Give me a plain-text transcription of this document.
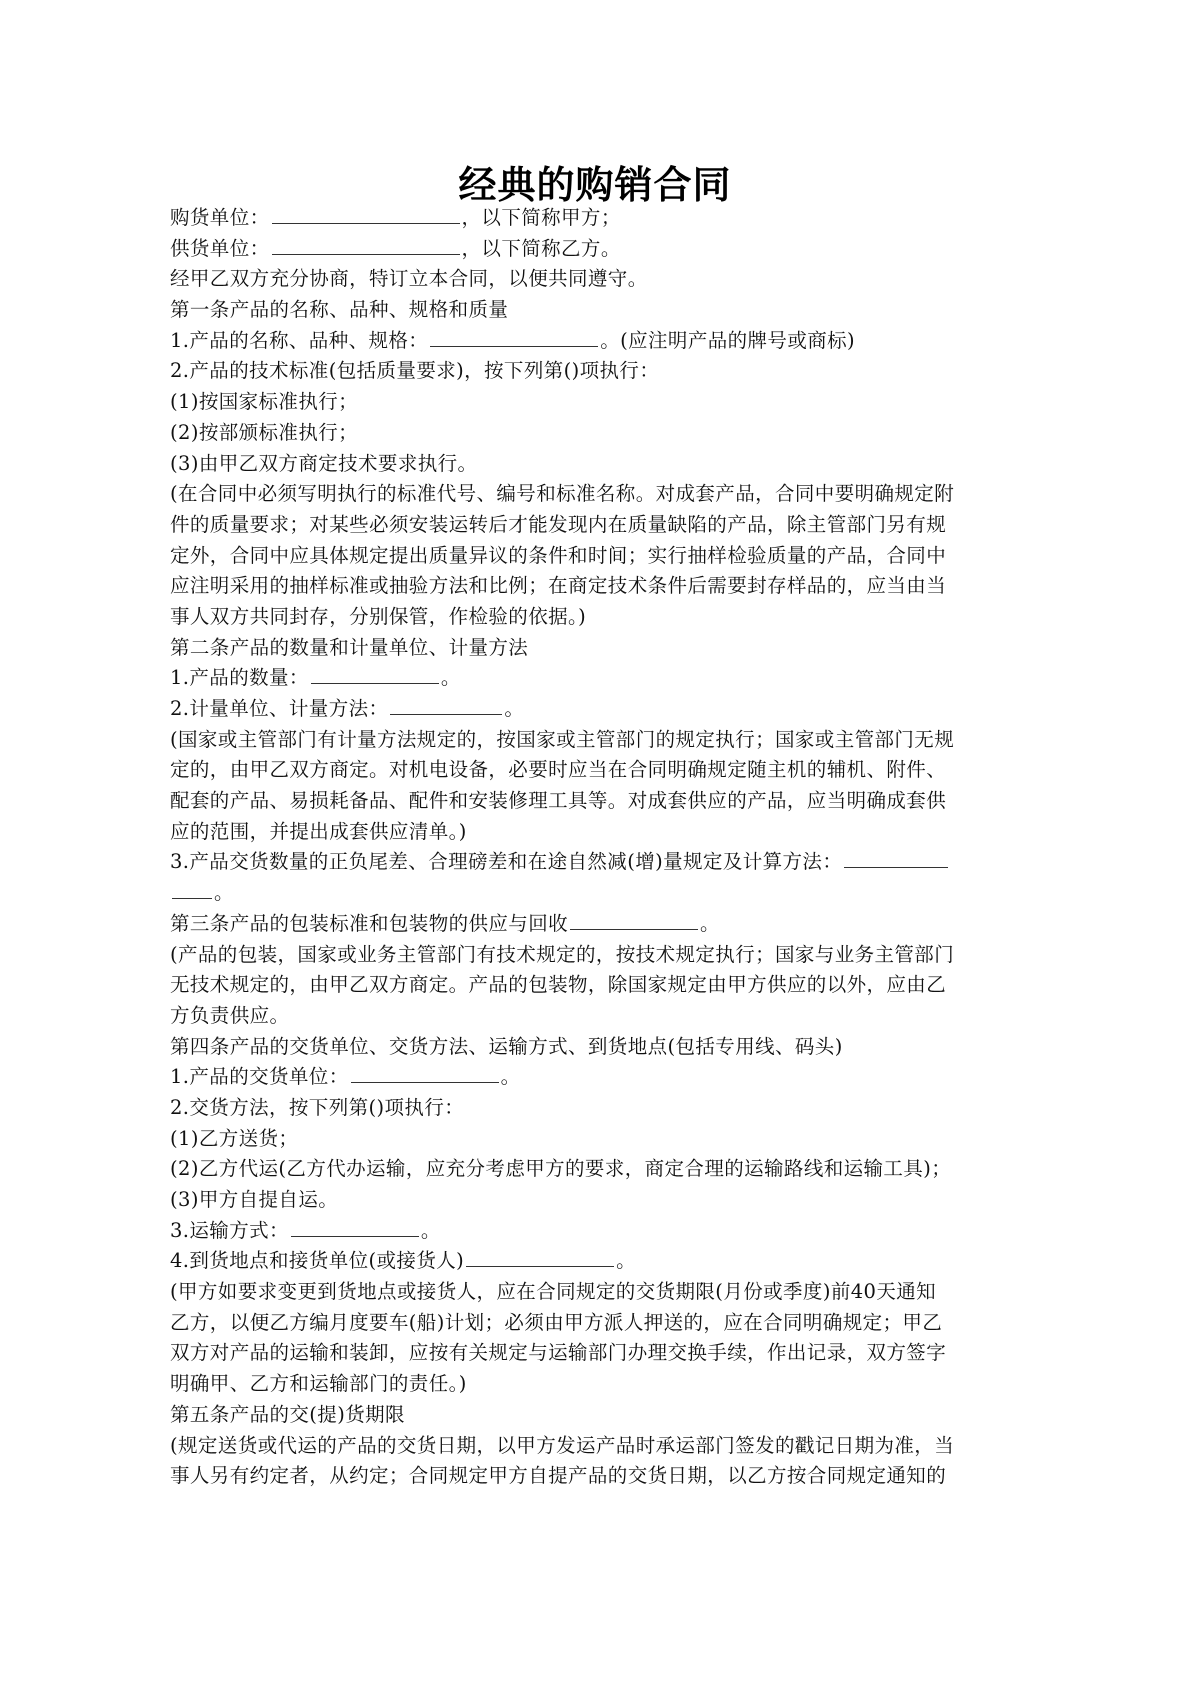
经典的购销合同
购货单位：	，以下简称甲方；
供货单位：	，以下简称乙方。
经甲乙双方充分协商，特订立本合同，以便共同遵守。
第一条产品的名称、品种、规格和质量
1.产品的名称、品种、规格：	。(应注明产品的牌号或商标)
2.产品的技术标准(包括质量要求)，按下列第()项执行：
(1)按国家标准执行；
(2)按部颁标准执行；
(3)由甲乙双方商定技术要求执行。
(在合同中必须写明执行的标准代号、编号和标准名称。对成套产品，合同中要明确规定附
件的质量要求；对某些必须安装运转后才能发现内在质量缺陷的产品，除主管部门另有规
定外，合同中应具体规定提出质量异议的条件和时间；实行抽样检验质量的产品，合同中
应注明采用的抽样标准或抽验方法和比例；在商定技术条件后需要封存样品的，应当由当
事人双方共同封存，分别保管，作检验的依据。)
第二条产品的数量和计量单位、计量方法
1.产品的数量：	。
2.计量单位、计量方法：	。
(国家或主管部门有计量方法规定的，按国家或主管部门的规定执行；国家或主管部门无规
定的，由甲乙双方商定。对机电设备，必要时应当在合同明确规定随主机的辅机、附件、
配套的产品、易损耗备品、配件和安装修理工具等。对成套供应的产品，应当明确成套供
应的范围，并提出成套供应清单。)
3.产品交货数量的正负尾差、合理磅差和在途自然减(增)量规定及计算方法：
。
第三条产品的包装标准和包装物的供应与回收	。
(产品的包装，国家或业务主管部门有技术规定的，按技术规定执行；国家与业务主管部门
无技术规定的，由甲乙双方商定。产品的包装物，除国家规定由甲方供应的以外，应由乙
方负责供应。
第四条产品的交货单位、交货方法、运输方式、到货地点(包括专用线、码头)
1.产品的交货单位：	。
2.交货方法，按下列第()项执行：
(1)乙方送货；
(2)乙方代运(乙方代办运输，应充分考虑甲方的要求，商定合理的运输路线和运输工具)；
(3)甲方自提自运。
3.运输方式：	。
4.到货地点和接货单位(或接货人)	。
(甲方如要求变更到货地点或接货人，应在合同规定的交货期限(月份或季度)前40天通知
乙方，以便乙方编月度要车(船)计划；必须由甲方派人押送的，应在合同明确规定；甲乙
双方对产品的运输和装卸，应按有关规定与运输部门办理交换手续，作出记录，双方签字
明确甲、乙方和运输部门的责任。)
第五条产品的交(提)货期限
(规定送货或代运的产品的交货日期，以甲方发运产品时承运部门签发的戳记日期为准，当
事人另有约定者，从约定；合同规定甲方自提产品的交货日期，以乙方按合同规定通知的
